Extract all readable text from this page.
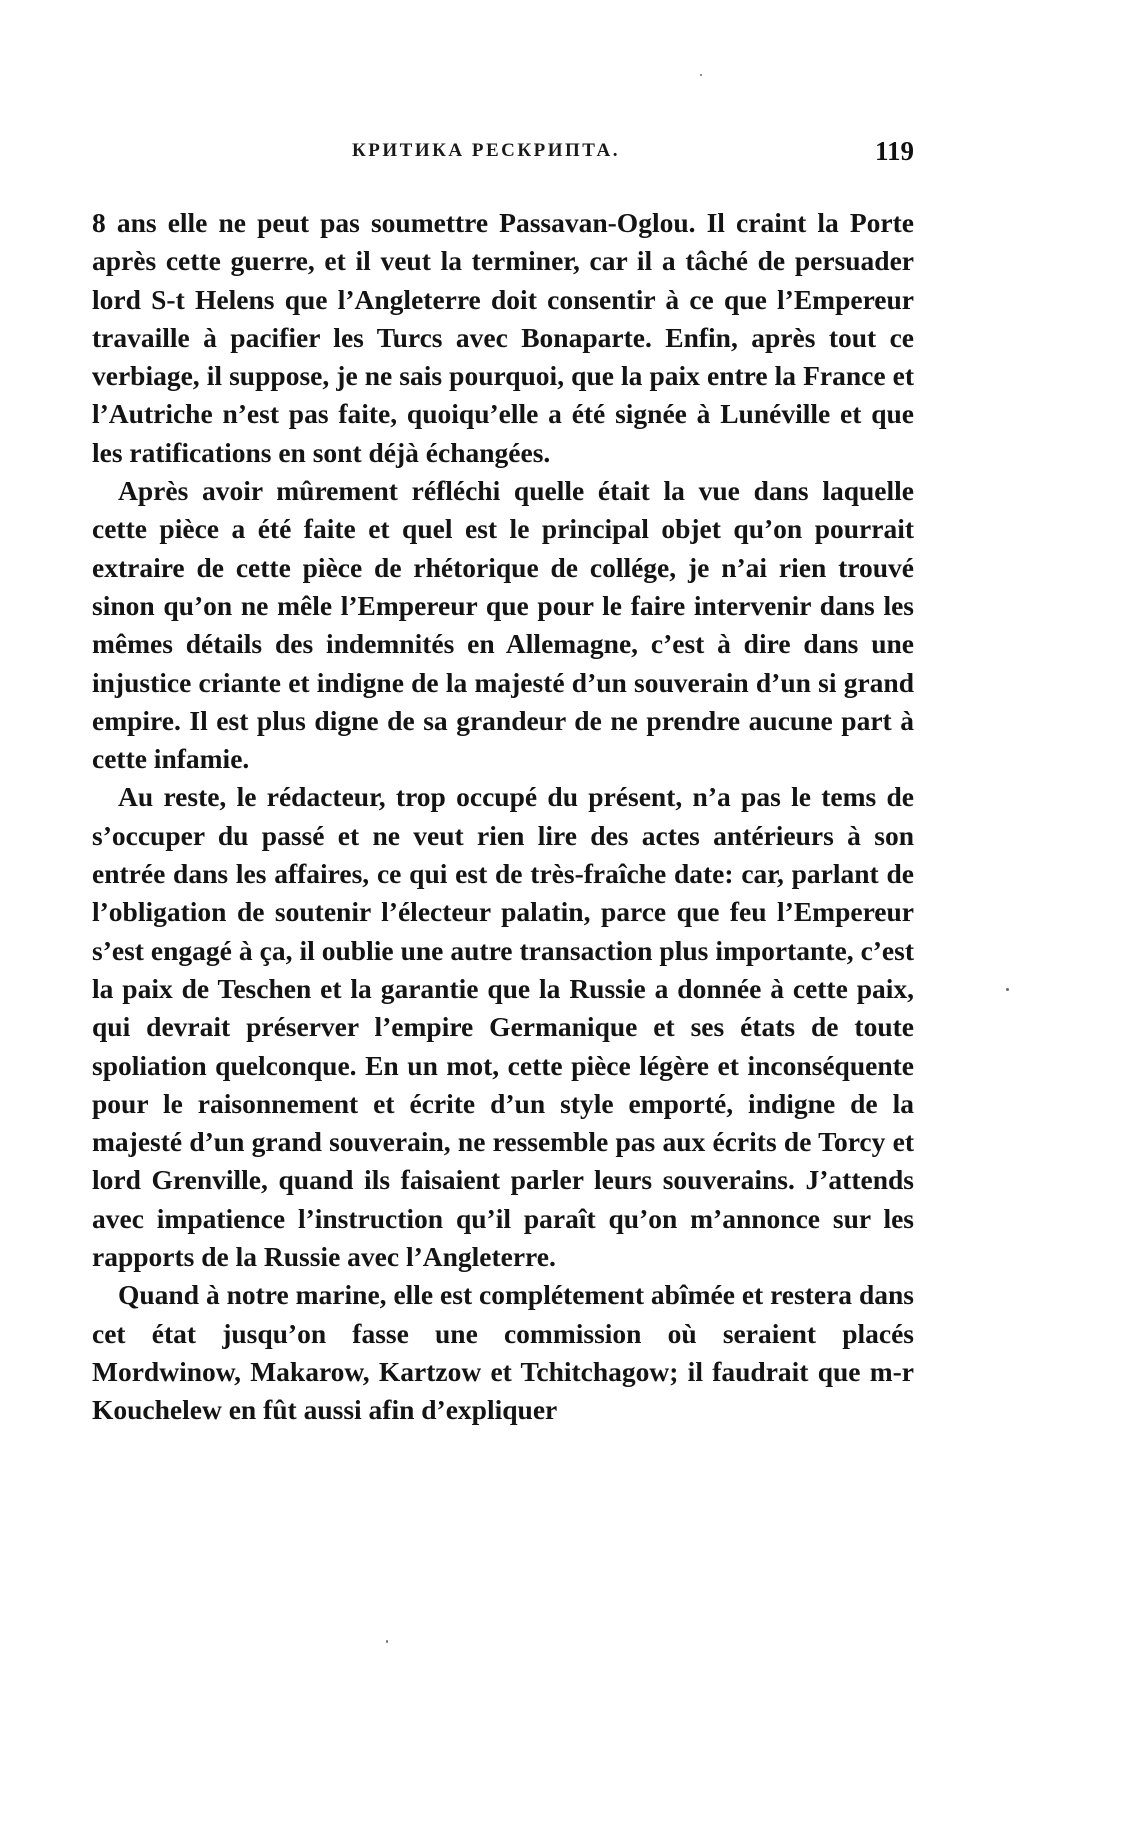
КРИТИКА РЕСКРИПТА.	119

8 ans elle ne peut pas soumettre Passavan-Oglou. Il craint la Porte après cette guerre, et il veut la terminer, car il a tâché de persuader lord S-t Helens que l’Angleterre doit consentir à ce que l’Empereur travaille à pacifier les Turcs avec Bonaparte. Enfin, après tout ce verbiage, il suppose, je ne sais pourquoi, que la paix entre la France et l’Autriche n’est pas faite, quoiqu’elle a été signée à Lunéville et que les ratifications en sont déjà échangées.

Après avoir mûrement réfléchi quelle était la vue dans laquelle cette pièce a été faite et quel est le principal objet qu’on pourrait extraire de cette pièce de rhétorique de collége, je n’ai rien trouvé sinon qu’on ne mêle l’Empereur que pour le faire intervenir dans les mêmes détails des indemnités en Allemagne, c’est à dire dans une injustice criante et indigne de la majesté d’un souverain d’un si grand empire. Il est plus digne de sa grandeur de ne prendre aucune part à cette infamie.

Au reste, le rédacteur, trop occupé du présent, n’a pas le tems de s’occuper du passé et ne veut rien lire des actes antérieurs à son entrée dans les affaires, ce qui est de très-fraîche date: car, parlant de l’obligation de soutenir l’électeur palatin, parce que feu l’Empereur s’est engagé à ça, il oublie une autre transaction plus importante, c’est la paix de Teschen et la garantie que la Russie a donnée à cette paix, qui devrait préserver l’empire Germanique et ses états de toute spoliation quelconque. En un mot, cette pièce légère et inconséquente pour le raisonnement et écrite d’un style emporté, indigne de la majesté d’un grand souverain, ne ressemble pas aux écrits de Torcy et lord Grenville, quand ils faisaient parler leurs souverains. J’attends avec impatience l’instruction qu’il paraît qu’on m’annonce sur les rapports de la Russie avec l’Angleterre.

Quand à notre marine, elle est complétement abîmée et restera dans cet état jusqu’on fasse une commission où seraient placés Mordwinow, Makarow, Kartzow et Tchitchagow; il faudrait que m-r Kouchelew en fût aussi afin d’expliquer
